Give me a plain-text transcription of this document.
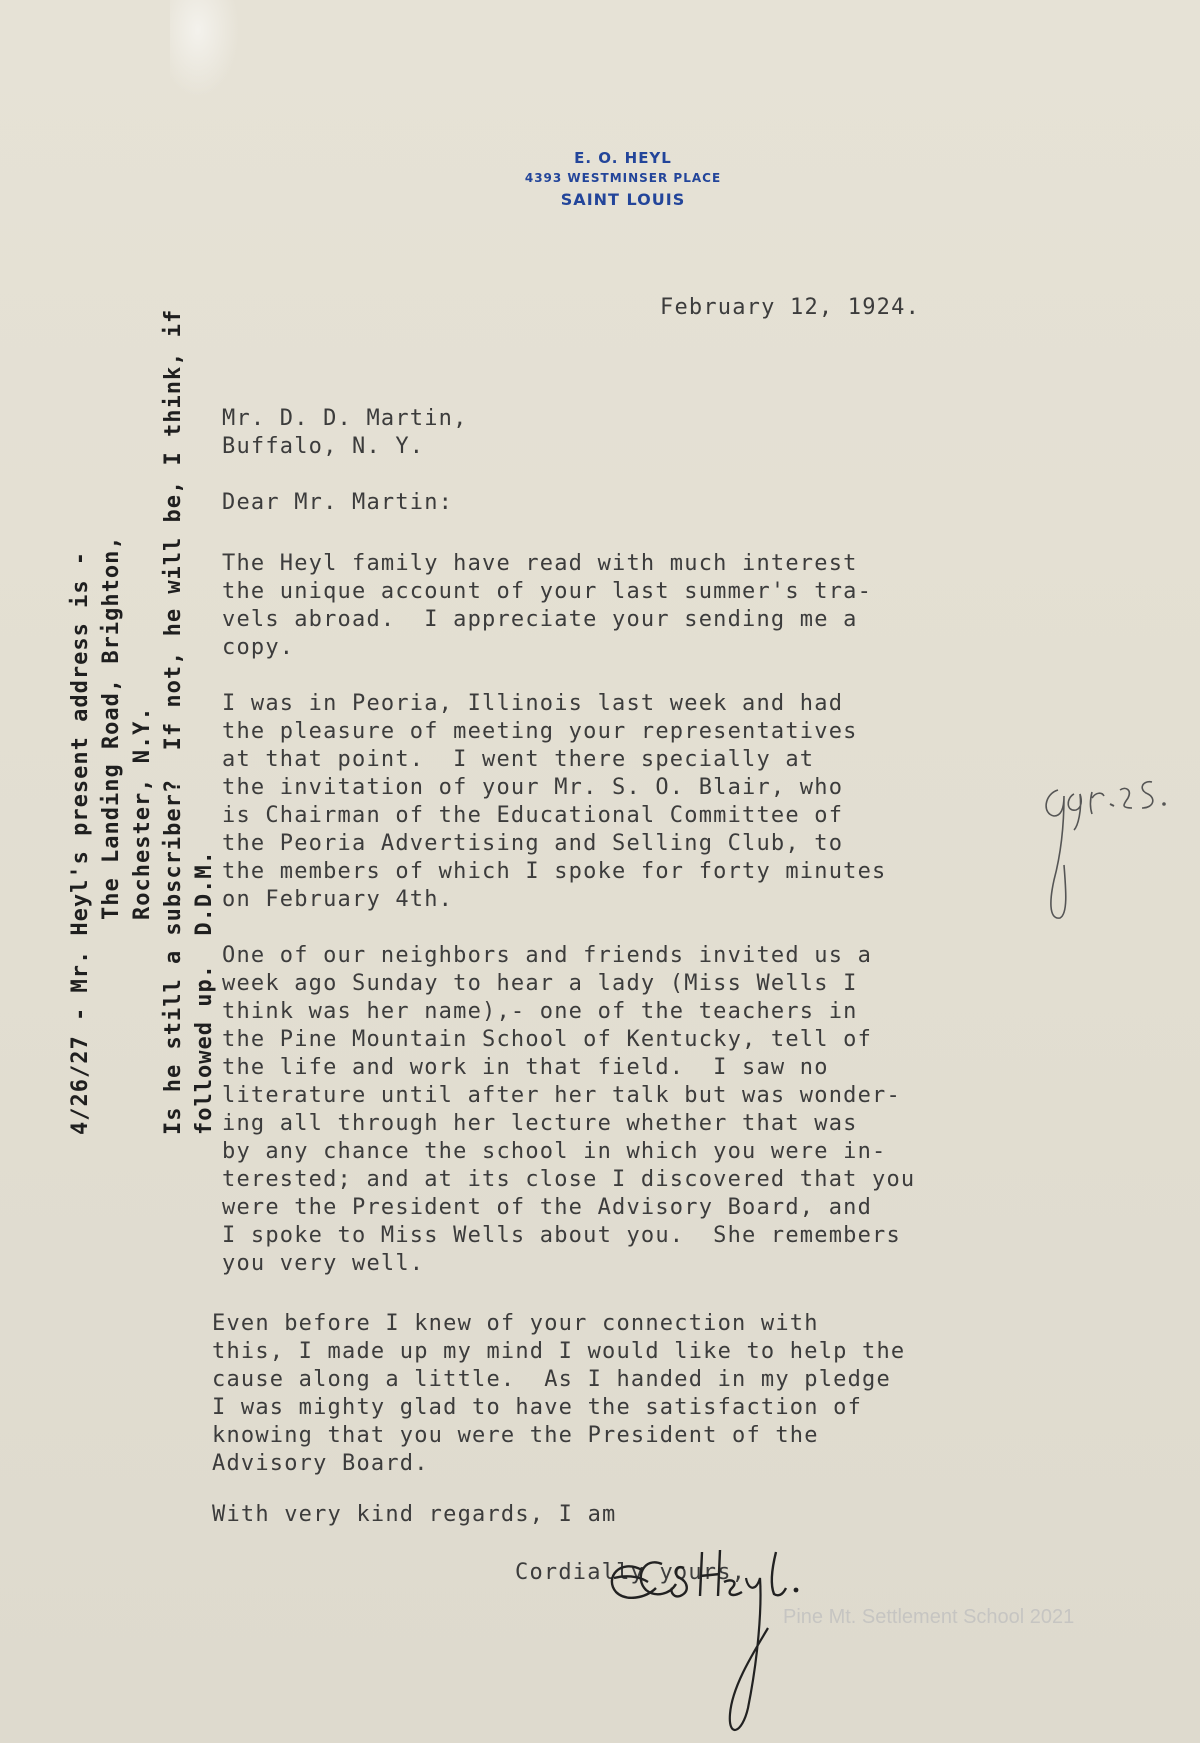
E. O. HEYL
4393 WESTMINSER PLACE
SAINT LOUIS
February 12, 1924.
Mr. D. D. Martin,
Buffalo, N. Y.
Dear Mr. Martin:
The Heyl family have read with much interest
the unique account of your last summer's tra-
vels abroad.  I appreciate your sending me a
copy.
I was in Peoria, Illinois last week and had
the pleasure of meeting your representatives
at that point.  I went there specially at
the invitation of your Mr. S. O. Blair, who
is Chairman of the Educational Committee of
the Peoria Advertising and Selling Club, to
the members of which I spoke for forty minutes
on February 4th.
One of our neighbors and friends invited us a
week ago Sunday to hear a lady (Miss Wells I
think was her name),- one of the teachers in
the Pine Mountain School of Kentucky, tell of
the life and work in that field.  I saw no
literature until after her talk but was wonder-
ing all through her lecture whether that was
by any chance the school in which you were in-
terested; and at its close I discovered that you
were the President of the Advisory Board, and
I spoke to Miss Wells about you.  She remembers
you very well.
Even before I knew of your connection with
this, I made up my mind I would like to help the
cause along a little.  As I handed in my pledge
I was mighty glad to have the satisfaction of
knowing that you were the President of the
Advisory Board.
With very kind regards, I am
Cordially yours,
4/26/27 - Mr. Heyl's present address is - The Landing Road, Brighton, Rochester, N.Y. Is he still a subscriber?  If not, he will be, I think, if followed up.  D.D.M.
Pine Mt. Settlement School 2021
